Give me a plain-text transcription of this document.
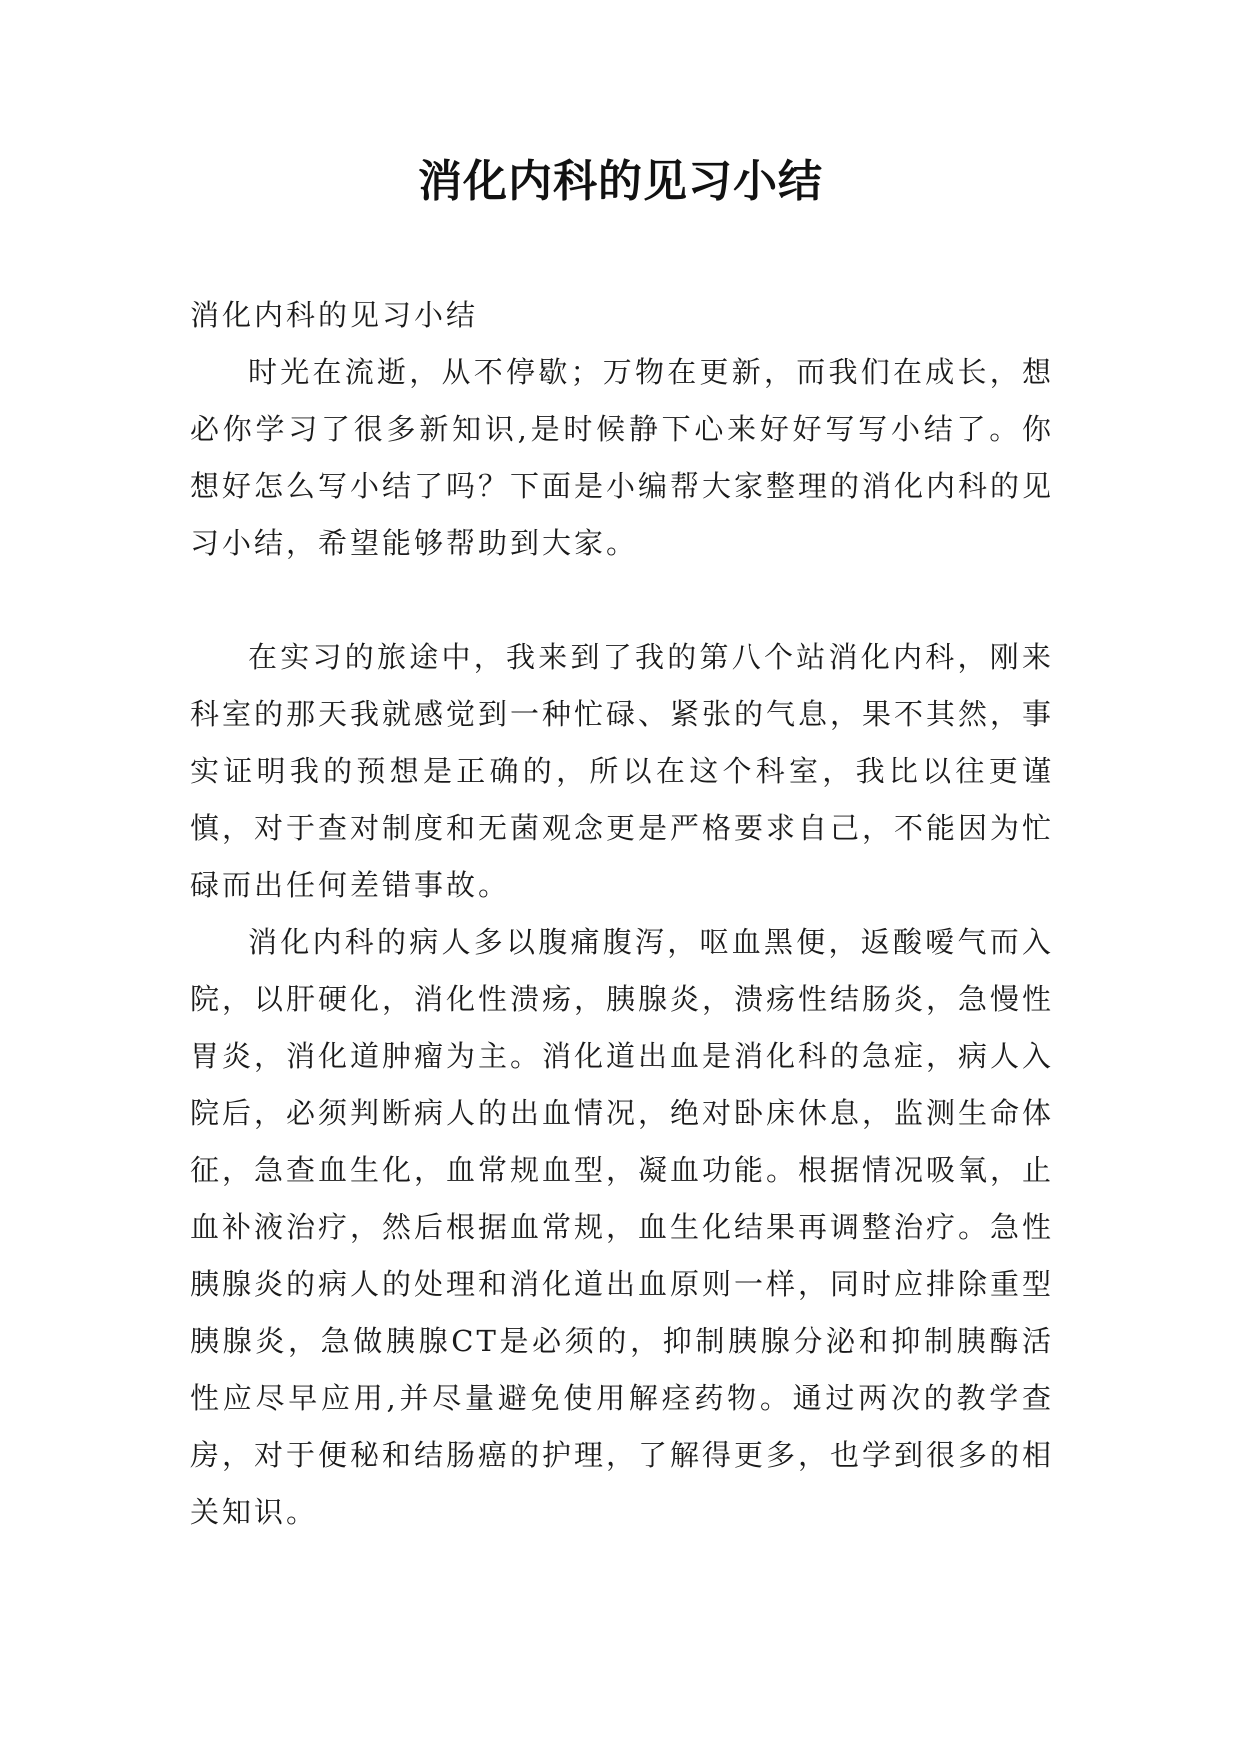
消化内科的见习小结

消化内科的见习小结

时光在流逝，从不停歇；万物在更新，而我们在成长，想必你学习了很多新知识,是时候静下心来好好写写小结了。你想好怎么写小结了吗？下面是小编帮大家整理的消化内科的见习小结，希望能够帮助到大家。

在实习的旅途中，我来到了我的第八个站消化内科，刚来科室的那天我就感觉到一种忙碌、紧张的气息，果不其然，事实证明我的预想是正确的，所以在这个科室，我比以往更谨慎，对于查对制度和无菌观念更是严格要求自己，不能因为忙碌而出任何差错事故。

消化内科的病人多以腹痛腹泻，呕血黑便，返酸嗳气而入院，以肝硬化，消化性溃疡，胰腺炎，溃疡性结肠炎，急慢性胃炎，消化道肿瘤为主。消化道出血是消化科的急症，病人入院后，必须判断病人的出血情况，绝对卧床休息，监测生命体征，急查血生化，血常规血型，凝血功能。根据情况吸氧，止血补液治疗，然后根据血常规，血生化结果再调整治疗。急性胰腺炎的病人的处理和消化道出血原则一样，同时应排除重型胰腺炎，急做胰腺CT是必须的，抑制胰腺分泌和抑制胰酶活性应尽早应用,并尽量避免使用解痉药物。通过两次的教学查房，对于便秘和结肠癌的护理，了解得更多，也学到很多的相关知识。
